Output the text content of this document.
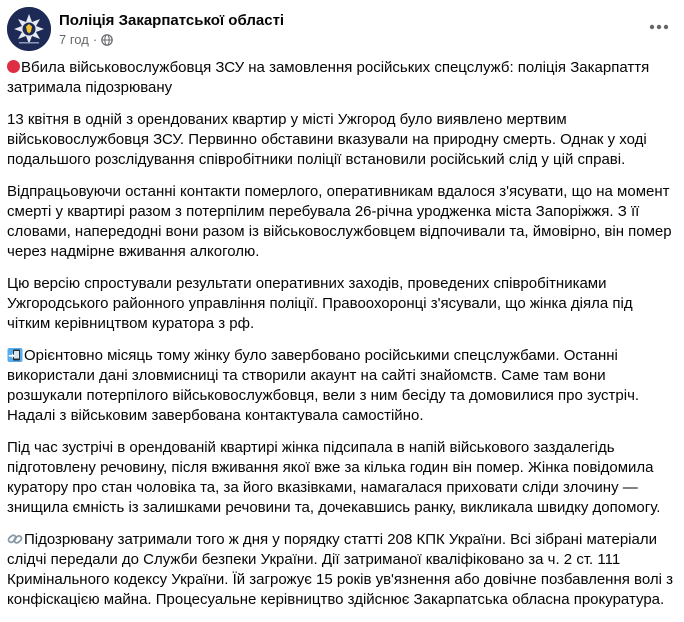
Поліція Закарпатської області
7 год ·

Вбила військовослужбовця ЗСУ на замовлення російських спецслужб: поліція Закарпаття затримала підозрювану

13 квітня в одній з орендованих квартир у місті Ужгород було виявлено мертвим військовослужбовця ЗСУ. Первинно обставини вказували на природну смерть. Однак у ході подальшого розслідування співробітники поліції встановили російський слід у цій справі.

Відпрацьовуючи останні контакти померлого, оперативникам вдалося з'ясувати, що на момент смерті у квартирі разом з потерпілим перебувала 26-річна уродженка міста Запоріжжя. З її словами, напередодні вони разом із військовослужбовцем відпочивали та, ймовірно, він помер через надмірне вживання алкоголю.

Цю версію спростували результати оперативних заходів, проведених співробітниками Ужгородського районного управління поліції. Правоохоронці з'ясували, що жінка діяла під чітким керівництвом куратора з рф.

Орієнтовно місяць тому жінку було завербовано російськими спецслужбами. Останні використали дані зловмисниці та створили акаунт на сайті знайомств. Саме там вони розшукали потерпілого військовослужбовця, вели з ним бесіду та домовилися про зустріч. Надалі з військовим завербована контактувала самостійно.

Під час зустрічі в орендованій квартирі жінка підсипала в напій військового заздалегідь підготовлену речовину, після вживання якої вже за кілька годин він помер. Жінка повідомила куратору про стан чоловіка та, за його вказівками, намагалася приховати сліди злочину — знищила ємність із залишками речовини та, дочекавшись ранку, викликала швидку допомогу.

Підозрювану затримали того ж дня у порядку статті 208 КПК України. Всі зібрані матеріали слідчі передали до Служби безпеки України. Дії затриманої кваліфіковано за ч. 2 ст. 111 Кримінального кодексу України. Їй загрожує 15 років ув'язнення або довічне позбавлення волі з конфіскацією майна. Процесуальне керівництво здійснює Закарпатська обласна прокуратура.
